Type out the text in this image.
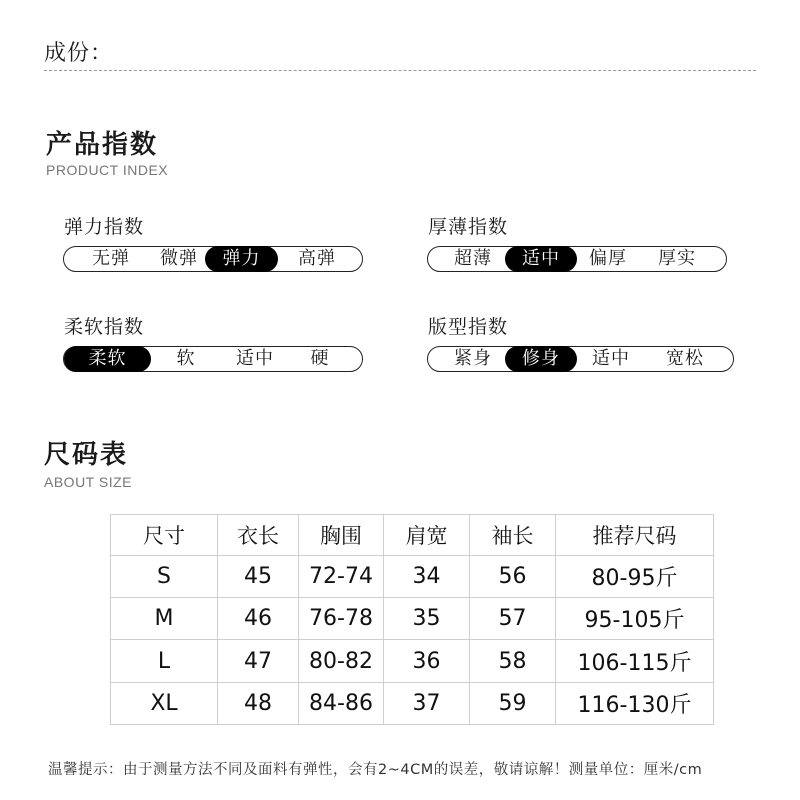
成份：
产品指数
PRODUCT INDEX
弹力指数
无弹	微弹	弹力	高弹
厚薄指数
超薄	适中	偏厚	厚实
柔软指数
柔软	软	适中	硬
版型指数
紧身	修身	适中	宽松
尺码表
ABOUT SIZE
尺寸	衣长	胸围	肩宽	袖长	推荐尺码
S	45	72-74	34	56	80-95斤
M	46	76-78	35	57	95-105斤
L	47	80-82	36	58	106-115斤
XL	48	84-86	37	59	116-130斤
温馨提示：由于测量方法不同及面料有弹性，会有2~4CM的误差，敬请谅解！测量单位：厘米/cm
